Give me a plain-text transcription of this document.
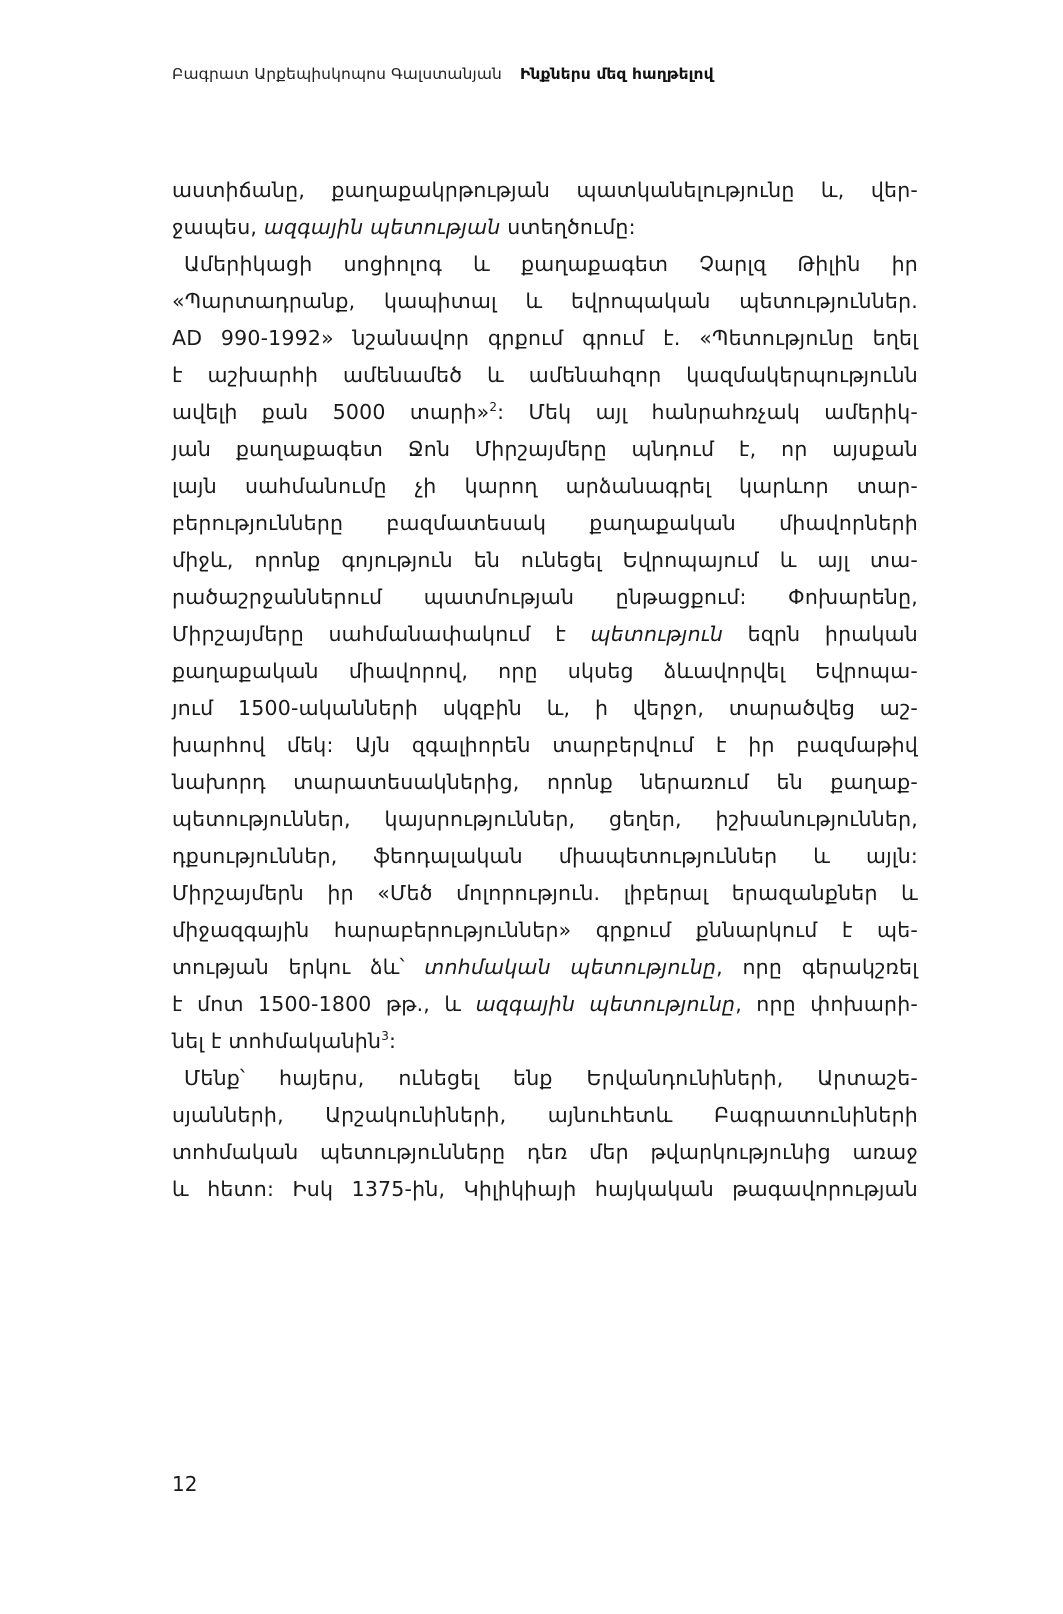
Բագրատ Արքեպիսկոպոս Գալստանյան Ինքներս մեզ հաղթելով
աստիճանը, քաղաքակրթության պատկանելությունը և, վեր-
ջապես, ազգային պետության ստեղծումը:
Ամերիկացի սոցիոլոգ և քաղաքագետ Չարլզ Թիլին իր
«Պարտադրանք, կապիտալ և եվրոպական պետություններ.
AD 990-1992» նշանավոր գրքում գրում է. «Պետությունը եղել
է աշխարհի ամենամեծ և ամենահզոր կազմակերպությունն
ավելի քան 5000 տարի»$^2$: Մեկ այլ հանրահռչակ ամերիկ-
յան քաղաքագետ Ջոն Միրշայմերը պնդում է, որ այսքան
լայն սահմանումը չի կարող արձանագրել կարևոր տար-
բերությունները բազմատեսակ քաղաքական միավորների
միջև, որոնք գոյություն են ունեցել Եվրոպայում և այլ տա-
րածաշրջաններում պատմության ընթացքում: Փոխարենը,
Միրշայմերը սահմանափակում է պետություն եզրն իրական
քաղաքական միավորով, որը սկսեց ձևավորվել Եվրոպա-
յում 1500-ականների սկզբին և, ի վերջո, տարածվեց աշ-
խարհով մեկ: Այն զգալիորեն տարբերվում է իր բազմաթիվ
նախորդ տարատեսակներից, որոնք ներառում են քաղաք-
պետություններ, կայսրություններ, ցեղեր, իշխանություններ,
դքսություններ, ֆեոդալական միապետություններ և այլն:
Միրշայմերն իր «Մեծ մոլորություն. լիբերալ երազանքներ և
միջազգային հարաբերություններ» գրքում քննարկում է պե-
տության երկու ձև՝ տոհմական պետությունը, որը գերակշռել
է մոտ 1500-1800 թթ., և ազգային պետությունը, որը փոխարի-
նել է տոհմականին$^3$:
Մենք՝ հայերս, ունեցել ենք Երվանդունիների, Արտաշե-
սյանների, Արշակունիների, այնուհետև Բագրատունիների
տոհմական պետությունները դեռ մեր թվարկությունից առաջ
և հետո: Իսկ 1375-ին, Կիլիկիայի հայկական թագավորության
12
